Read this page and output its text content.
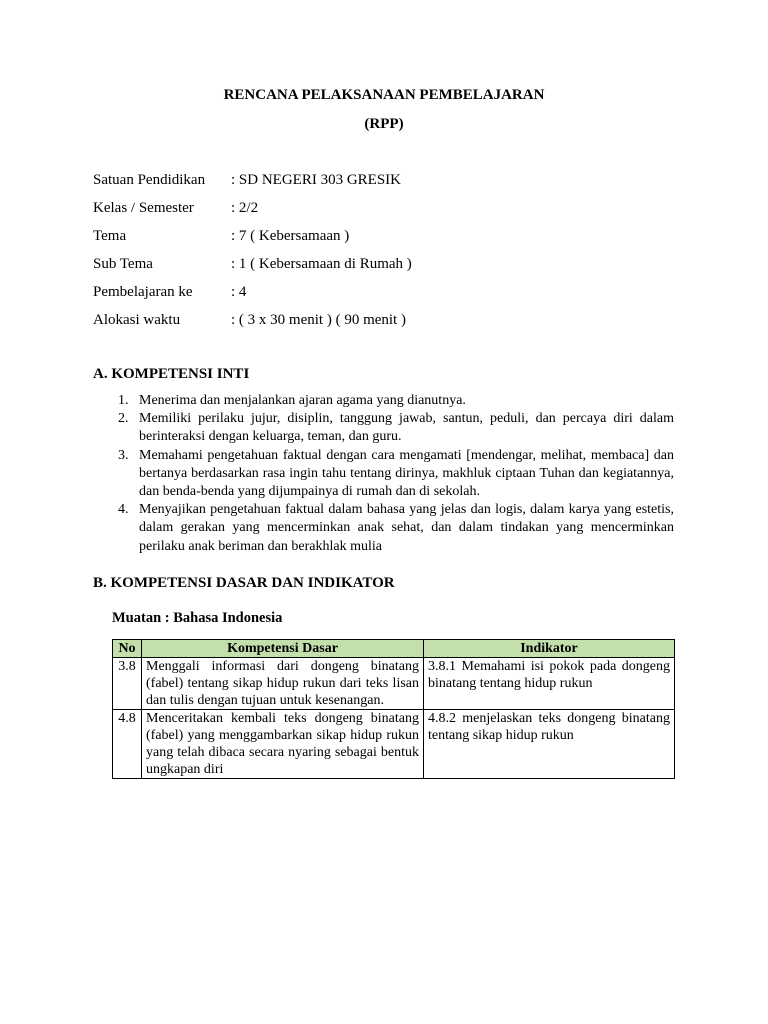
RENCANA PELAKSANAAN PEMBELAJARAN
(RPP)
Satuan Pendidikan	: SD NEGERI 303 GRESIK
Kelas / Semester	: 2/2
Tema	: 7 ( Kebersamaan )
Sub Tema	: 1 ( Kebersamaan di Rumah )
Pembelajaran ke	: 4
Alokasi waktu	: ( 3 x 30 menit ) ( 90 menit )
A. KOMPETENSI INTI
1. Menerima dan menjalankan ajaran agama yang dianutnya.
2. Memiliki perilaku jujur, disiplin, tanggung jawab, santun, peduli, dan percaya diri dalam berinteraksi dengan keluarga, teman, dan guru.
3. Memahami pengetahuan faktual dengan cara mengamati [mendengar, melihat, membaca] dan bertanya berdasarkan rasa ingin tahu tentang dirinya, makhluk ciptaan Tuhan dan kegiatannya, dan benda-benda yang dijumpainya di rumah dan di sekolah.
4. Menyajikan pengetahuan faktual dalam bahasa yang jelas dan logis, dalam karya yang estetis, dalam gerakan yang mencerminkan anak sehat, dan dalam tindakan yang mencerminkan perilaku anak beriman dan berakhlak mulia
B. KOMPETENSI DASAR DAN INDIKATOR
Muatan : Bahasa Indonesia
No	Kompetensi Dasar	Indikator
3.8	Menggali informasi dari dongeng binatang (fabel) tentang sikap hidup rukun dari teks lisan dan tulis dengan tujuan untuk kesenangan.	3.8.1 Memahami isi pokok pada dongeng binatang tentang hidup rukun
4.8	Menceritakan kembali teks dongeng binatang (fabel) yang menggambarkan sikap hidup rukun yang telah dibaca secara nyaring sebagai bentuk ungkapan diri	4.8.2 menjelaskan teks dongeng binatang tentang sikap hidup rukun
